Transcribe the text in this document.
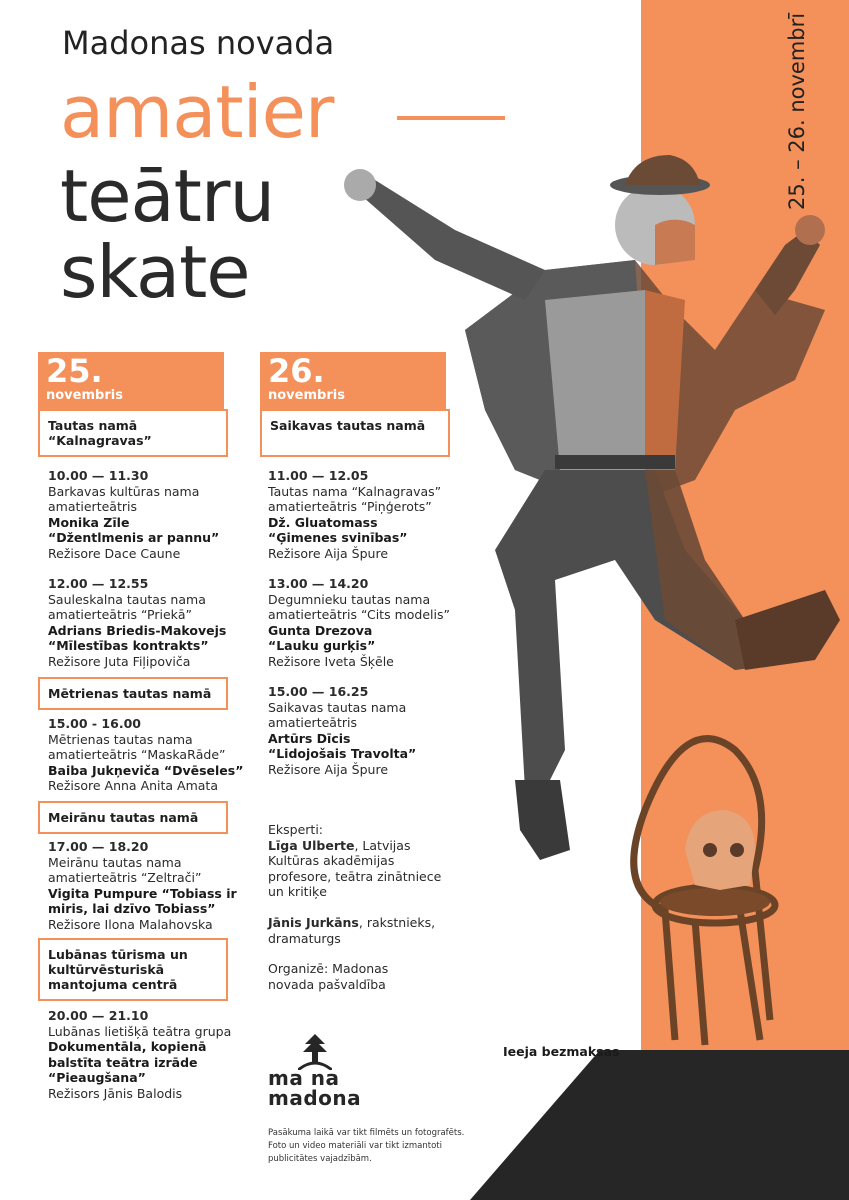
25. – 26. novembrī
Madonas novada
amatier
teātru
skate
25.
novembris
Tautas namā “Kalnagravas”
10.00 — 11.30
Barkavas kultūras nama
amatierteātris
Monika Zīle
“Džentlmenis ar pannu”
Režisore Dace Caune
12.00 — 12.55
Sauleskalna tautas nama
amatierteātris “Priekā”
Adrians Briedis-Makovejs
“Mīlestības kontrakts”
Režisore Juta Fiļipoviča
Mētrienas tautas namā
15.00 - 16.00
Mētrienas tautas nama
amatierteātris “MaskaRāde”
Baiba Jukņeviča “Dvēseles”
Režisore Anna Anita Amata
Meirānu tautas namā
17.00 — 18.20
Meirānu tautas nama
amatierteātris “Zeltrači”
Vigita Pumpure “Tobiass ir
miris, lai dzīvo Tobiass”
Režisore Ilona Malahovska
Lubānas tūrisma un kultūrvēsturiskā mantojuma centrā
20.00 — 21.10
Lubānas lietišķā teātra grupa
Dokumentāla, kopienā
balstīta teātra izrāde
“Pieaugšana”
Režisors Jānis Balodis
26.
novembris
Saikavas tautas namā
11.00 — 12.05
Tautas nama “Kalnagravas”
amatierteātris “Piņģerots”
Dž. Gluatomass
“Ģimenes svinības”
Režisore Aija Špure
13.00 — 14.20
Degumnieku tautas nama
amatierteātris “Cits modelis”
Gunta Drezova
“Lauku gurķis”
Režisore Iveta Šķēle
15.00 — 16.25
Saikavas tautas nama
amatierteātris
Artūrs Dīcis
“Lidojošais Travolta”
Režisore Aija Špure
Eksperti:
Līga Ulberte, Latvijas
Kultūras akadēmijas
profesore, teātra zinātniece
un kritiķe
Jānis Jurkāns, rakstnieks,
dramaturgs
Organizē: Madonas
novada pašvaldība
Ieeja bezmaksas
ma na
madona
Pasākuma laikā var tikt filmēts un fotografēts.
Foto un video materiāli var tikt izmantoti
publicitātes vajadzībām.
